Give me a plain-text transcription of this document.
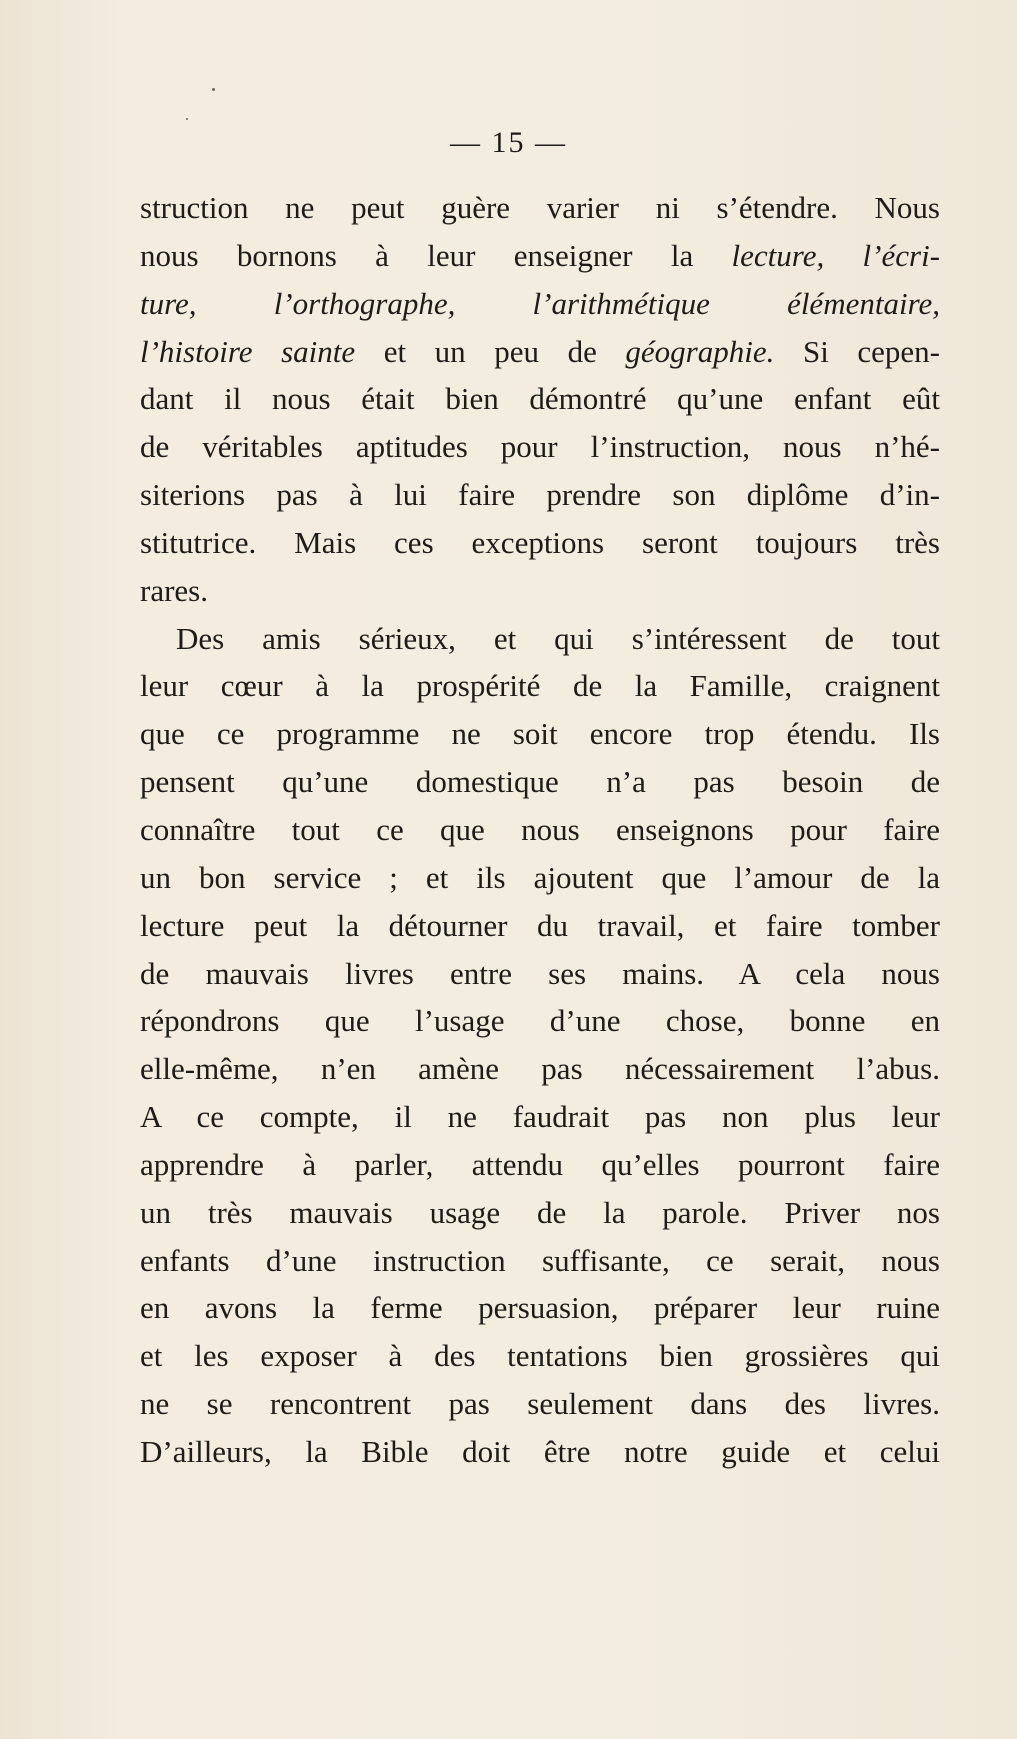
— 15 —
struction ne peut guère varier ni s’étendre. Nous
nous bornons à leur enseigner la lecture, l’écri-
ture, l’orthographe, l’arithmétique élémentaire,
l’histoire sainte et un peu de géographie. Si cepen-
dant il nous était bien démontré qu’une enfant eût
de véritables aptitudes pour l’instruction, nous n’hé-
siterions pas à lui faire prendre son diplôme d’in-
stitutrice. Mais ces exceptions seront toujours très
rares.
Des amis sérieux, et qui s’intéressent de tout
leur cœur à la prospérité de la Famille, craignent
que ce programme ne soit encore trop étendu. Ils
pensent qu’une domestique n’a pas besoin de
connaître tout ce que nous enseignons pour faire
un bon service ; et ils ajoutent que l’amour de la
lecture peut la détourner du travail, et faire tomber
de mauvais livres entre ses mains. A cela nous
répondrons que l’usage d’une chose, bonne en
elle-même, n’en amène pas nécessairement l’abus.
A ce compte, il ne faudrait pas non plus leur
apprendre à parler, attendu qu’elles pourront faire
un très mauvais usage de la parole. Priver nos
enfants d’une instruction suffisante, ce serait, nous
en avons la ferme persuasion, préparer leur ruine
et les exposer à des tentations bien grossières qui
ne se rencontrent pas seulement dans des livres.
D’ailleurs, la Bible doit être notre guide et celui
